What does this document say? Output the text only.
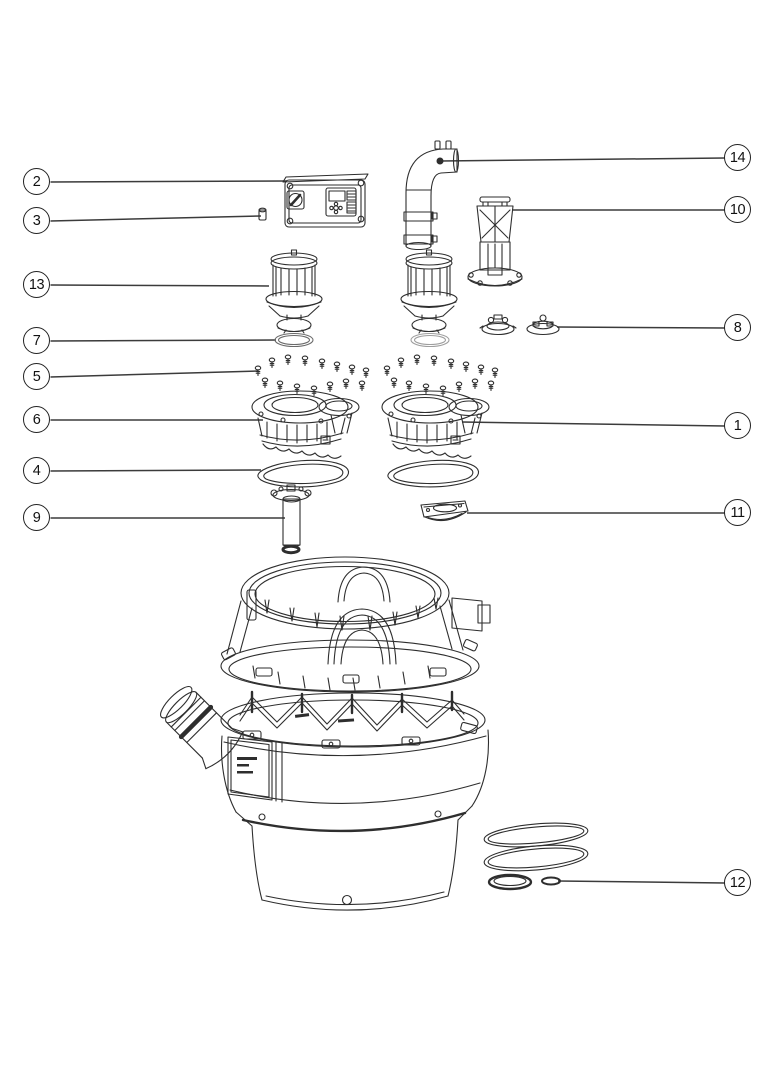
2
3
13
7
5
6
4
9
14
10
8
1
11
12
